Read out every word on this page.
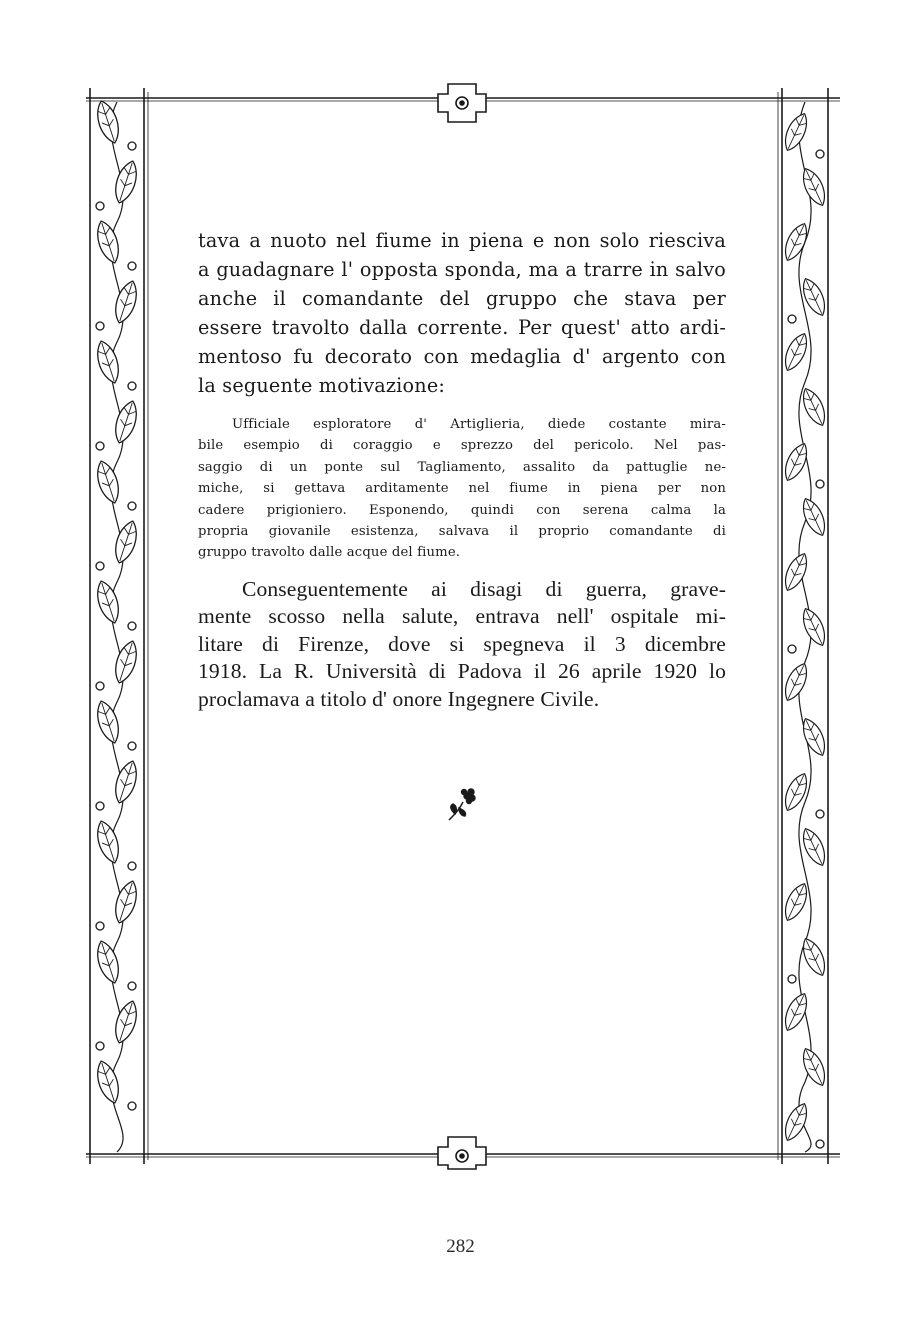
tava a nuoto nel fiume in piena e non solo riesciva
a guadagnare l' opposta sponda, ma a trarre in salvo
anche il comandante del gruppo che stava per
essere travolto dalla corrente. Per quest' atto ardi-
mentoso fu decorato con medaglia d' argento con
la seguente motivazione:

Ufficiale esploratore d' Artiglieria, diede costante mira-
bile esempio di coraggio e sprezzo del pericolo. Nel pas-
saggio di un ponte sul Tagliamento, assalito da pattuglie ne-
miche, si gettava arditamente nel fiume in piena per non
cadere prigioniero. Esponendo, quindi con serena calma la
propria giovanile esistenza, salvava il proprio comandante di
gruppo travolto dalle acque del fiume.

Conseguentemente ai disagi di guerra, grave-
mente scosso nella salute, entrava nell' ospitale mi-
litare di Firenze, dove si spegneva il 3 dicembre
1918. La R. Università di Padova il 26 aprile 1920 lo
proclamava a titolo d' onore Ingegnere Civile.

282
